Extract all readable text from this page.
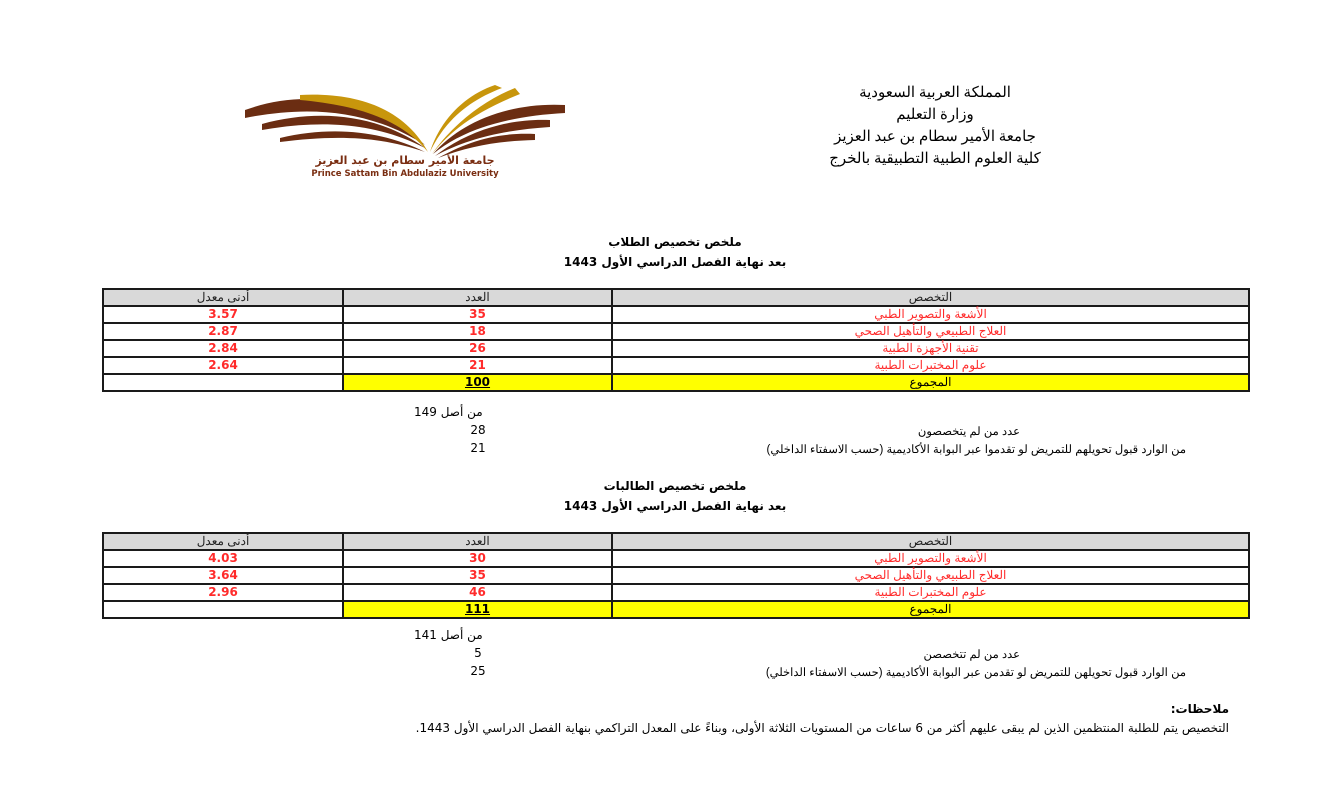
جامعة الأمير سطام بن عبد العزيز
Prince Sattam Bin Abdulaziz University
المملكة العربية السعودية
وزارة التعليم
جامعة الأمير سطام بن عبد العزيز
كلية العلوم الطبية التطبيقية بالخرج
ملخص تخصيص الطلاب
بعد نهاية الفصل الدراسي الأول 1443
أدنى معدل	العدد	التخصص
3.57	35	الأشعة والتصوير الطبي
2.87	18	العلاج الطبيعي والتأهيل الصحي
2.84	26	تقنية الأجهزة الطبية
2.64	21	علوم المختبرات الطبية
	100	المجموع
من أصل 149
28	عدد من لم يتخصصون
21	من الوارد قبول تحويلهم للتمريض لو تقدموا عبر البوابة الأكاديمية (حسب الاسفتاء الداخلي)
ملخص تخصيص الطالبات
بعد نهاية الفصل الدراسي الأول 1443
أدنى معدل	العدد	التخصص
4.03	30	الأشعة والتصوير الطبي
3.64	35	العلاج الطبيعي والتأهيل الصحي
2.96	46	علوم المختبرات الطبية
	111	المجموع
من أصل 141
5	عدد من لم تتخصصن
25	من الوارد قبول تحويلهن للتمريض لو تقدمن عبر البوابة الأكاديمية (حسب الاسفتاء الداخلي)
ملاحظات:
التخصيص يتم للطلبة المنتظمين الذين لم يبقى عليهم أكثر من 6 ساعات من المستويات الثلاثة الأولى، وبناءً على المعدل التراكمي بنهاية الفصل الدراسي الأول 1443.
